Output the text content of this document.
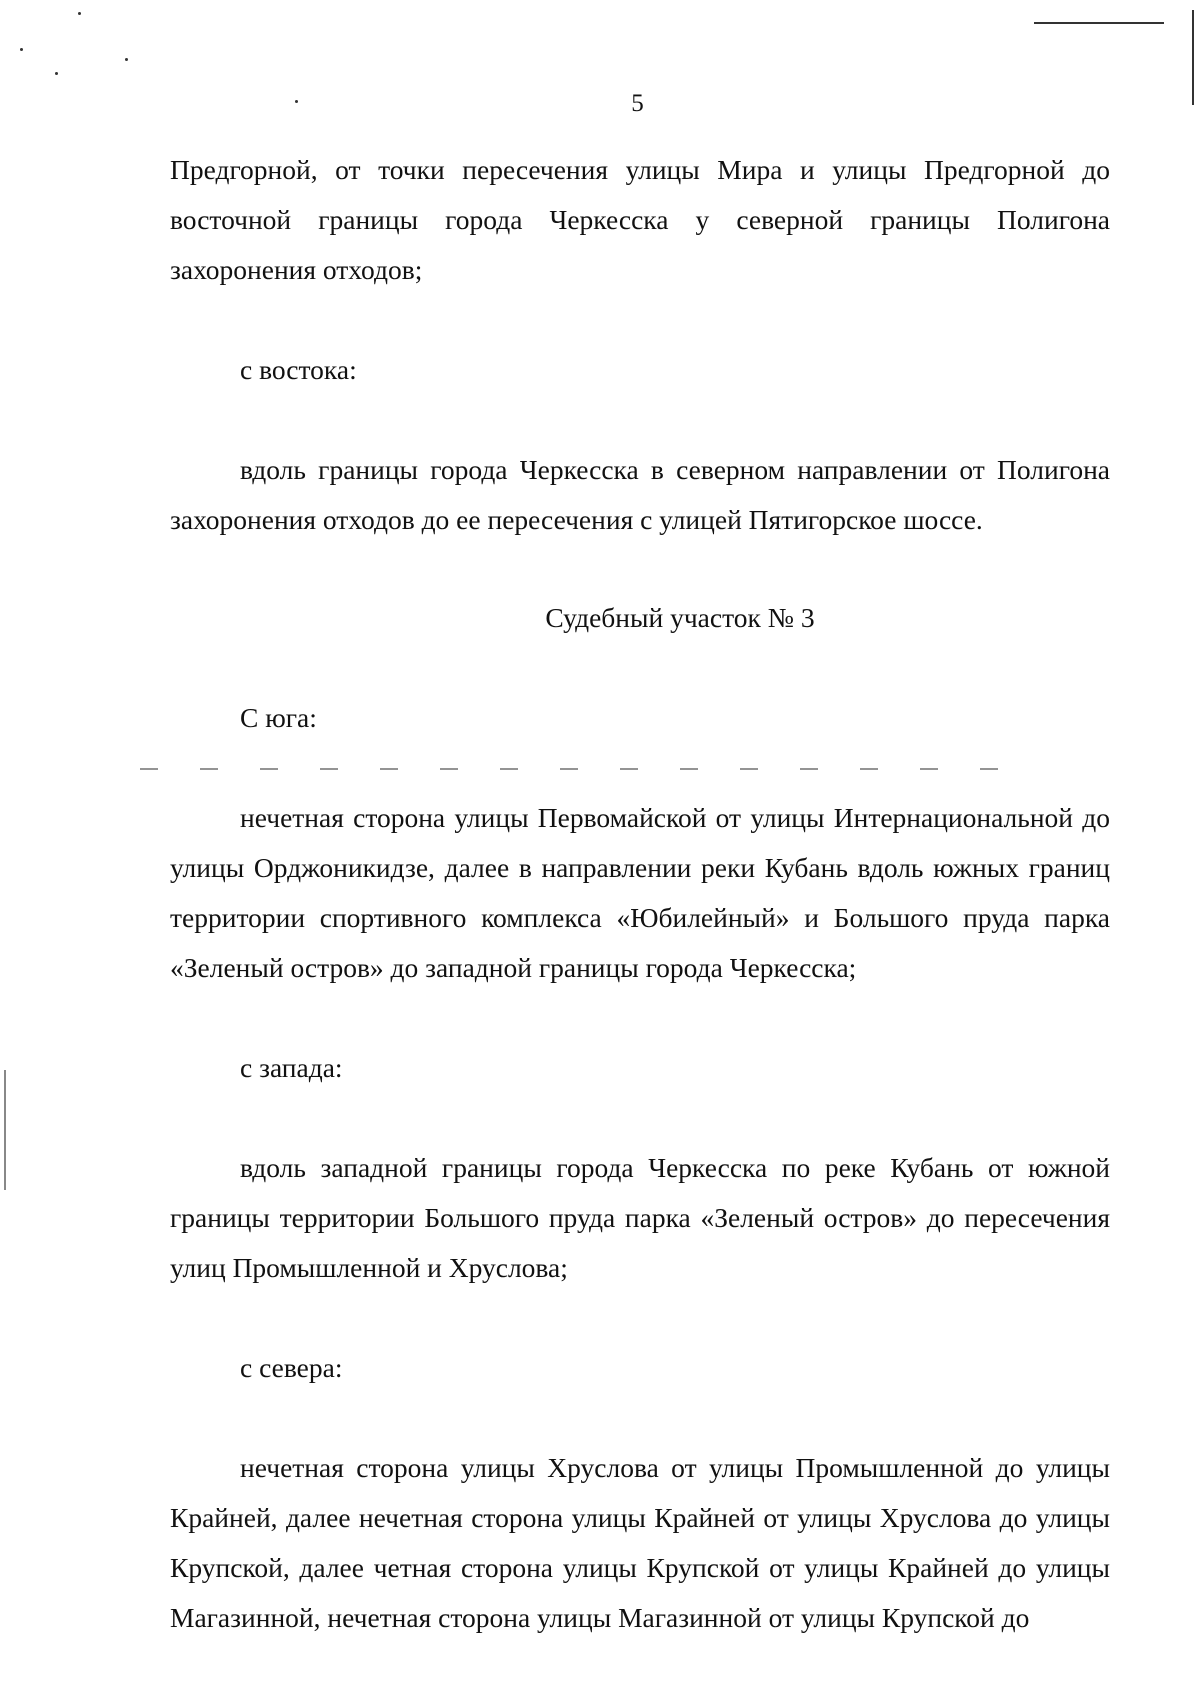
5

Предгорной, от точки пересечения улицы Мира и улицы Предгорной до восточной границы города Черкесска у северной границы Полигона захоронения отходов;

с востока:

вдоль границы города Черкесска в северном направлении от Полигона захоронения отходов до ее пересечения с улицей Пятигорское шоссе.

Судебный участок № 3

С юга:

нечетная сторона улицы Первомайской от улицы Интернациональной до улицы Орджоникидзе, далее в направлении реки Кубань вдоль южных границ территории спортивного комплекса «Юбилейный» и Большого пруда парка «Зеленый остров» до западной границы города Черкесска;

с запада:

вдоль западной границы города Черкесска по реке Кубань от южной границы территории Большого пруда парка «Зеленый остров» до пересечения улиц Промышленной и Хруслова;

с севера:

нечетная сторона улицы Хруслова от улицы Промышленной до улицы Крайней, далее нечетная сторона улицы Крайней от улицы Хруслова до улицы Крупской, далее четная сторона улицы Крупской от улицы Крайней до улицы Магазинной, нечетная сторона улицы Магазинной от улицы Крупской до
